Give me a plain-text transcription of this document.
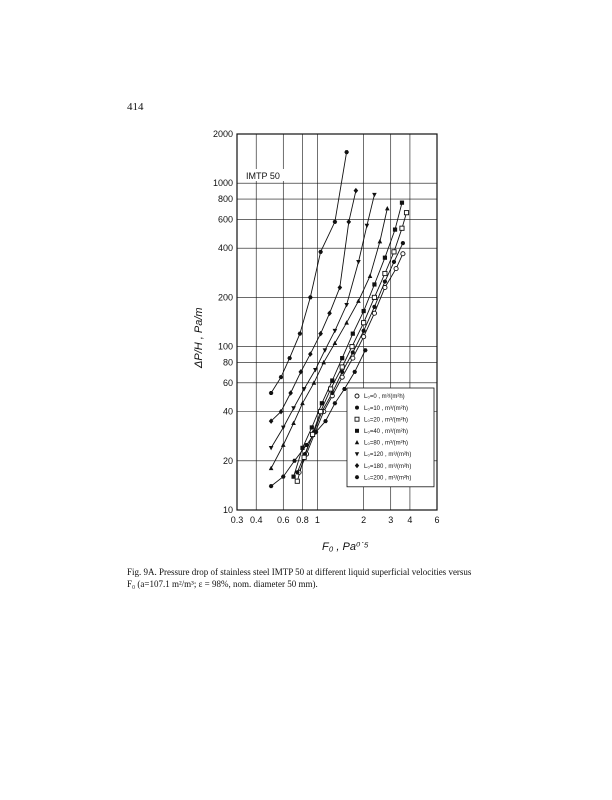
414
0.3 0.4 0.6 0.8 1	2 3 4 6
10
20
40
60
80
100
200
400
600
800
1000
2000
IMTP 50
F₀ , Pa⁰˙⁵
ΔP/H , Pa/m
L₀=0 , m³/(m²h)
L₀=10 , m³/(m²h)
L₀=20 , m³/(m²h)
L₀=40 , m³/(m²h)
L₀=80 , m³/(m²h)
L₀=120 , m³/(m²h)
L₀=180 , m³/(m²h)
L₀=200 , m³/(m²h)
Fig. 9A. Pressure drop of stainless steel IMTP 50 at different liquid superficial velocities versus
F₀ (a=107.1 m²/m³; ε = 98%, nom. diameter 50 mm).
